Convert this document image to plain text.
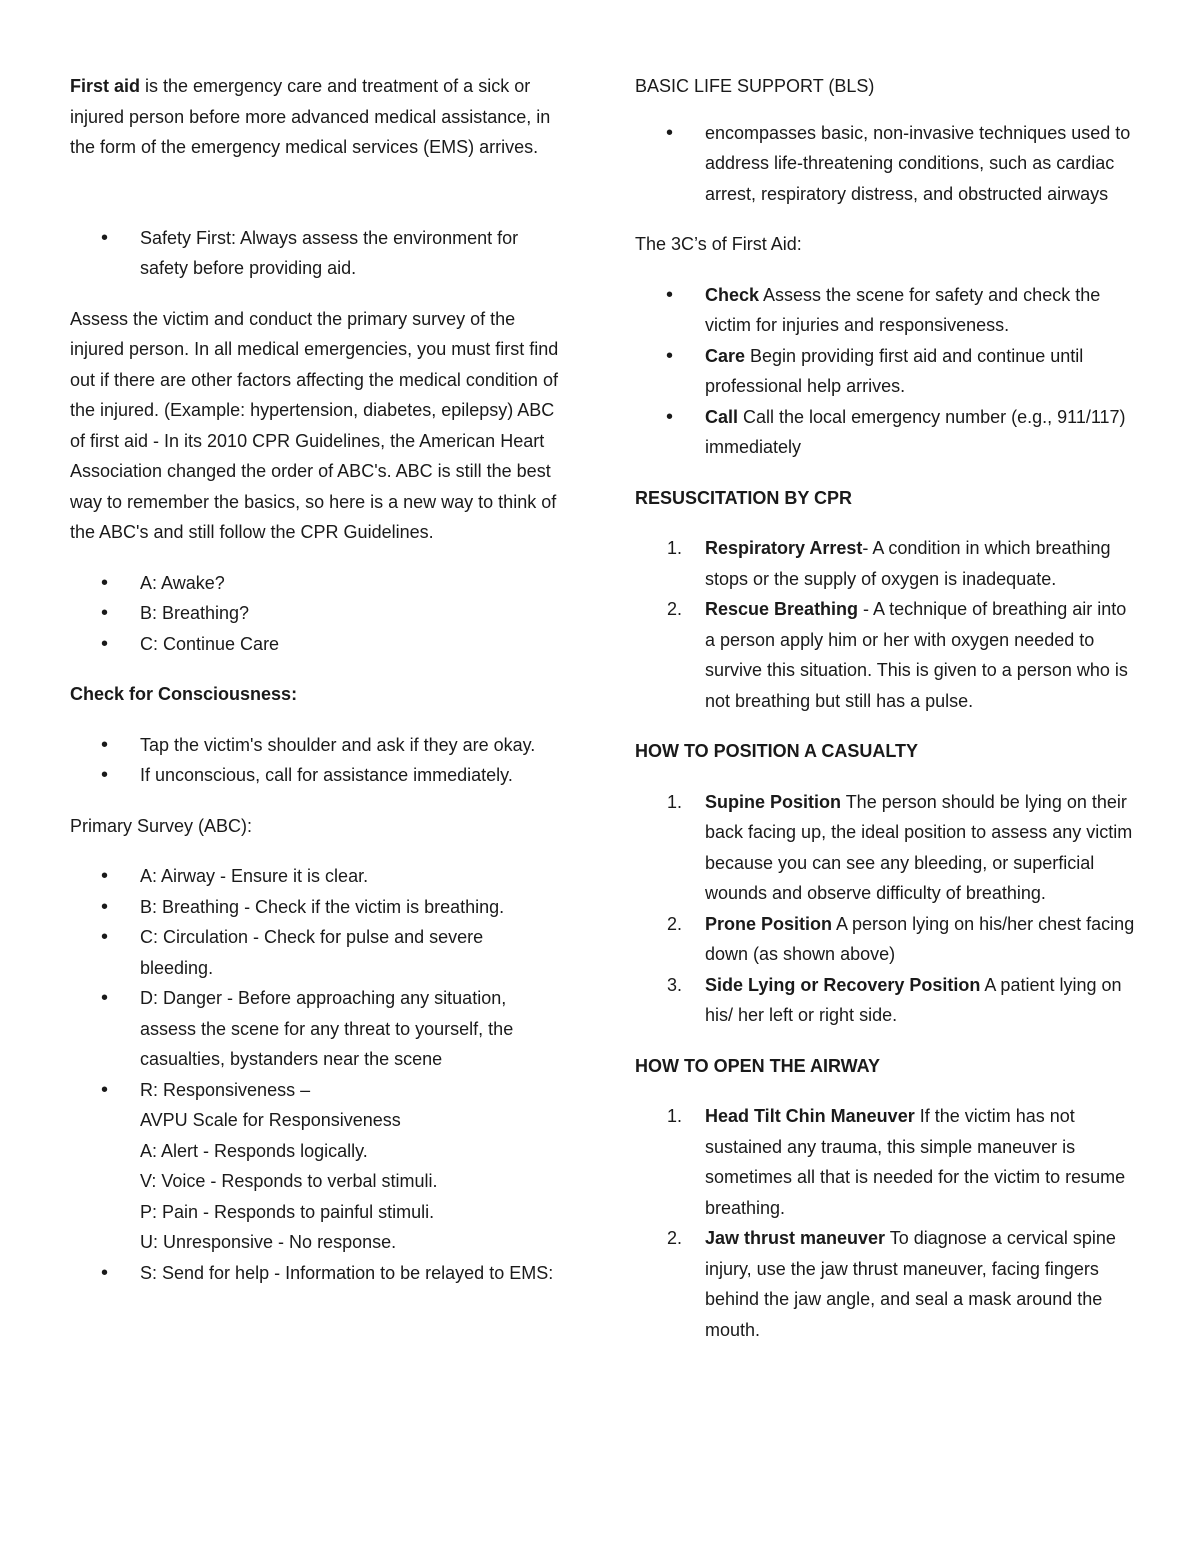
First aid is the emergency care and treatment of a sick or injured person before more advanced medical assistance, in the form of the emergency medical services (EMS) arrives.

• Safety First: Always assess the environment for safety before providing aid.

Assess the victim and conduct the primary survey of the injured person. In all medical emergencies, you must first find out if there are other factors affecting the medical condition of the injured. (Example: hypertension, diabetes, epilepsy) ABC of first aid - In its 2010 CPR Guidelines, the American Heart Association changed the order of ABC's. ABC is still the best way to remember the basics, so here is a new way to think of the ABC's and still follow the CPR Guidelines.

• A: Awake?
• B: Breathing?
• C: Continue Care

Check for Consciousness:

• Tap the victim's shoulder and ask if they are okay.
• If unconscious, call for assistance immediately.

Primary Survey (ABC):

• A: Airway - Ensure it is clear.
• B: Breathing - Check if the victim is breathing.
• C: Circulation - Check for pulse and severe bleeding.
• D: Danger - Before approaching any situation, assess the scene for any threat to yourself, the casualties, bystanders near the scene
• R: Responsiveness –
AVPU Scale for Responsiveness
A: Alert - Responds logically.
V: Voice - Responds to verbal stimuli.
P: Pain - Responds to painful stimuli.
U: Unresponsive - No response.
• S: Send for help - Information to be relayed to EMS:

BASIC LIFE SUPPORT (BLS)

• encompasses basic, non-invasive techniques used to address life-threatening conditions, such as cardiac arrest, respiratory distress, and obstructed airways

The 3C’s of First Aid:

• Check Assess the scene for safety and check the victim for injuries and responsiveness.
• Care Begin providing first aid and continue until professional help arrives.
• Call Call the local emergency number (e.g., 911/117) immediately

RESUSCITATION BY CPR

1. Respiratory Arrest- A condition in which breathing stops or the supply of oxygen is inadequate.
2. Rescue Breathing - A technique of breathing air into a person apply him or her with oxygen needed to survive this situation. This is given to a person who is not breathing but still has a pulse.

HOW TO POSITION A CASUALTY

1. Supine Position The person should be lying on their back facing up, the ideal position to assess any victim because you can see any bleeding, or superficial wounds and observe difficulty of breathing.
2. Prone Position A person lying on his/her chest facing down (as shown above)
3. Side Lying or Recovery Position A patient lying on his/ her left or right side.

HOW TO OPEN THE AIRWAY

1. Head Tilt Chin Maneuver If the victim has not sustained any trauma, this simple maneuver is sometimes all that is needed for the victim to resume breathing.
2. Jaw thrust maneuver To diagnose a cervical spine injury, use the jaw thrust maneuver, facing fingers behind the jaw angle, and seal a mask around the mouth.
